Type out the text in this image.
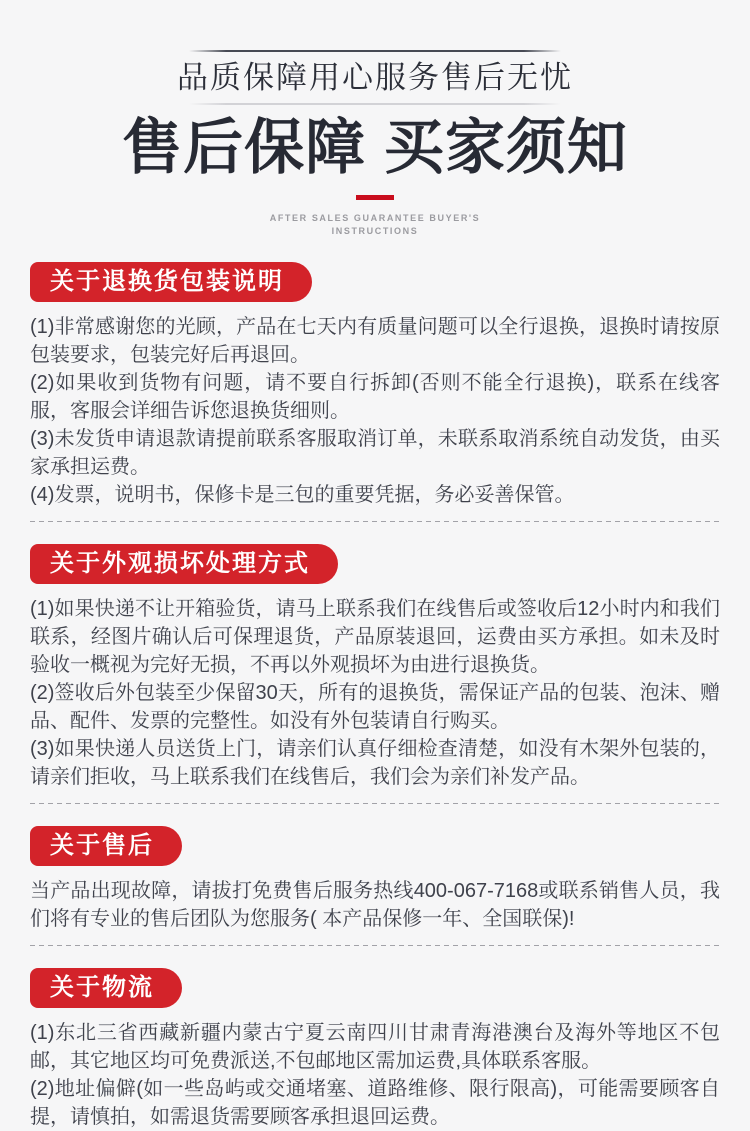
品质保障用心服务售后无忧
售后保障 买家须知
AFTER SALES GUARANTEE BUYER'S
INSTRUCTIONS
关于退换货包装说明

(1)非常感谢您的光顾，产品在七天内有质量问题可以全行退换，退换时请按原包装要求，包装完好后再退回。

(2)如果收到货物有问题，请不要自行拆卸(否则不能全行退换)，联系在线客服，客服会详细告诉您退换货细则。

(3)未发货申请退款请提前联系客服取消订单，未联系取消系统自动发货，由买家承担运费。

(4)发票，说明书，保修卡是三包的重要凭据，务必妥善保管。

关于外观损坏处理方式

(1)如果快递不让开箱验货，请马上联系我们在线售后或签收后12小时内和我们联系，经图片确认后可保理退货，产品原装退回，运费由买方承担。如未及时验收一概视为完好无损，不再以外观损坏为由进行退换货。

(2)签收后外包装至少保留30天，所有的退换货，需保证产品的包装、泡沫、赠品、配件、发票的完整性。如没有外包装请自行购买。

(3)如果快递人员送货上门，请亲们认真仔细检查清楚，如没有木架外包装的，请亲们拒收，马上联系我们在线售后，我们会为亲们补发产品。

关于售后

当产品出现故障，请拔打免费售后服务热线400-067-7168或联系销售人员，我们将有专业的售后团队为您服务( 本产品保修一年、全国联保)!

关于物流

(1)东北三省西藏新疆内蒙古宁夏云南四川甘肃青海港澳台及海外等地区不包邮，其它地区均可免费派送,不包邮地区需加运费,具体联系客服。

(2)地址偏僻(如一些岛屿或交通堵塞、道路维修、限行限高)，可能需要顾客自提，请慎拍，如需退货需要顾客承担退回运费。
